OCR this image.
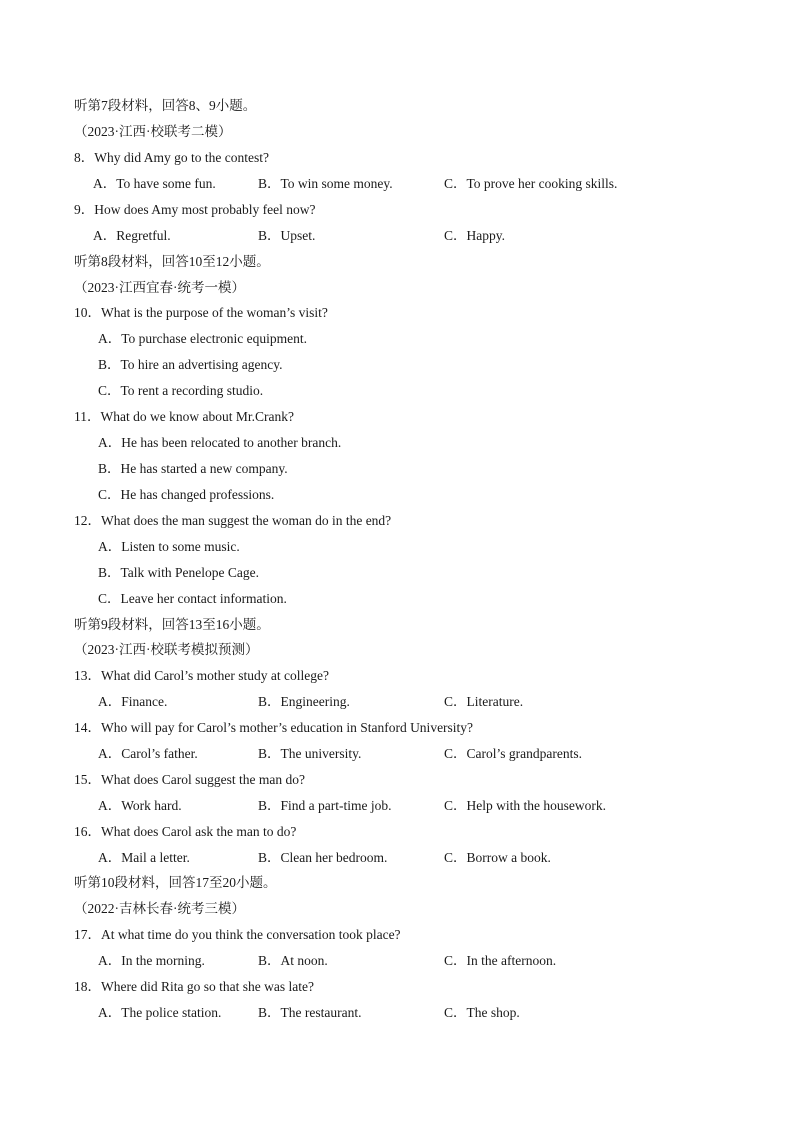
听第7段材料，回答8、9小题。
（2023·江西·校联考二模）
8．Why did Amy go to the contest?
A．To have some fun.	B．To win some money.	C．To prove her cooking skills.
9．How does Amy most probably feel now?
A．Regretful.	B．Upset.	C．Happy.
听第8段材料，回答10至12小题。
（2023·江西宜春·统考一模）
10．What is the purpose of the woman’s visit?
A．To purchase electronic equipment.
B．To hire an advertising agency.
C．To rent a recording studio.
11．What do we know about Mr.Crank?
A．He has been relocated to another branch.
B．He has started a new company.
C．He has changed professions.
12．What does the man suggest the woman do in the end?
A．Listen to some music.
B．Talk with Penelope Cage.
C．Leave her contact information.
听第9段材料，回答13至16小题。
（2023·江西·校联考模拟预测）
13．What did Carol’s mother study at college?
A．Finance.	B．Engineering.	C．Literature.
14．Who will pay for Carol’s mother’s education in Stanford University?
A．Carol’s father.	B．The university.	C．Carol’s grandparents.
15．What does Carol suggest the man do?
A．Work hard.	B．Find a part-time job.	C．Help with the housework.
16．What does Carol ask the man to do?
A．Mail a letter.	B．Clean her bedroom.	C．Borrow a book.
听第10段材料，回答17至20小题。
（2022·吉林长春·统考三模）
17．At what time do you think the conversation took place?
A．In the morning.	B．At noon.	C．In the afternoon.
18．Where did Rita go so that she was late?
A．The police station.	B．The restaurant.	C．The shop.
